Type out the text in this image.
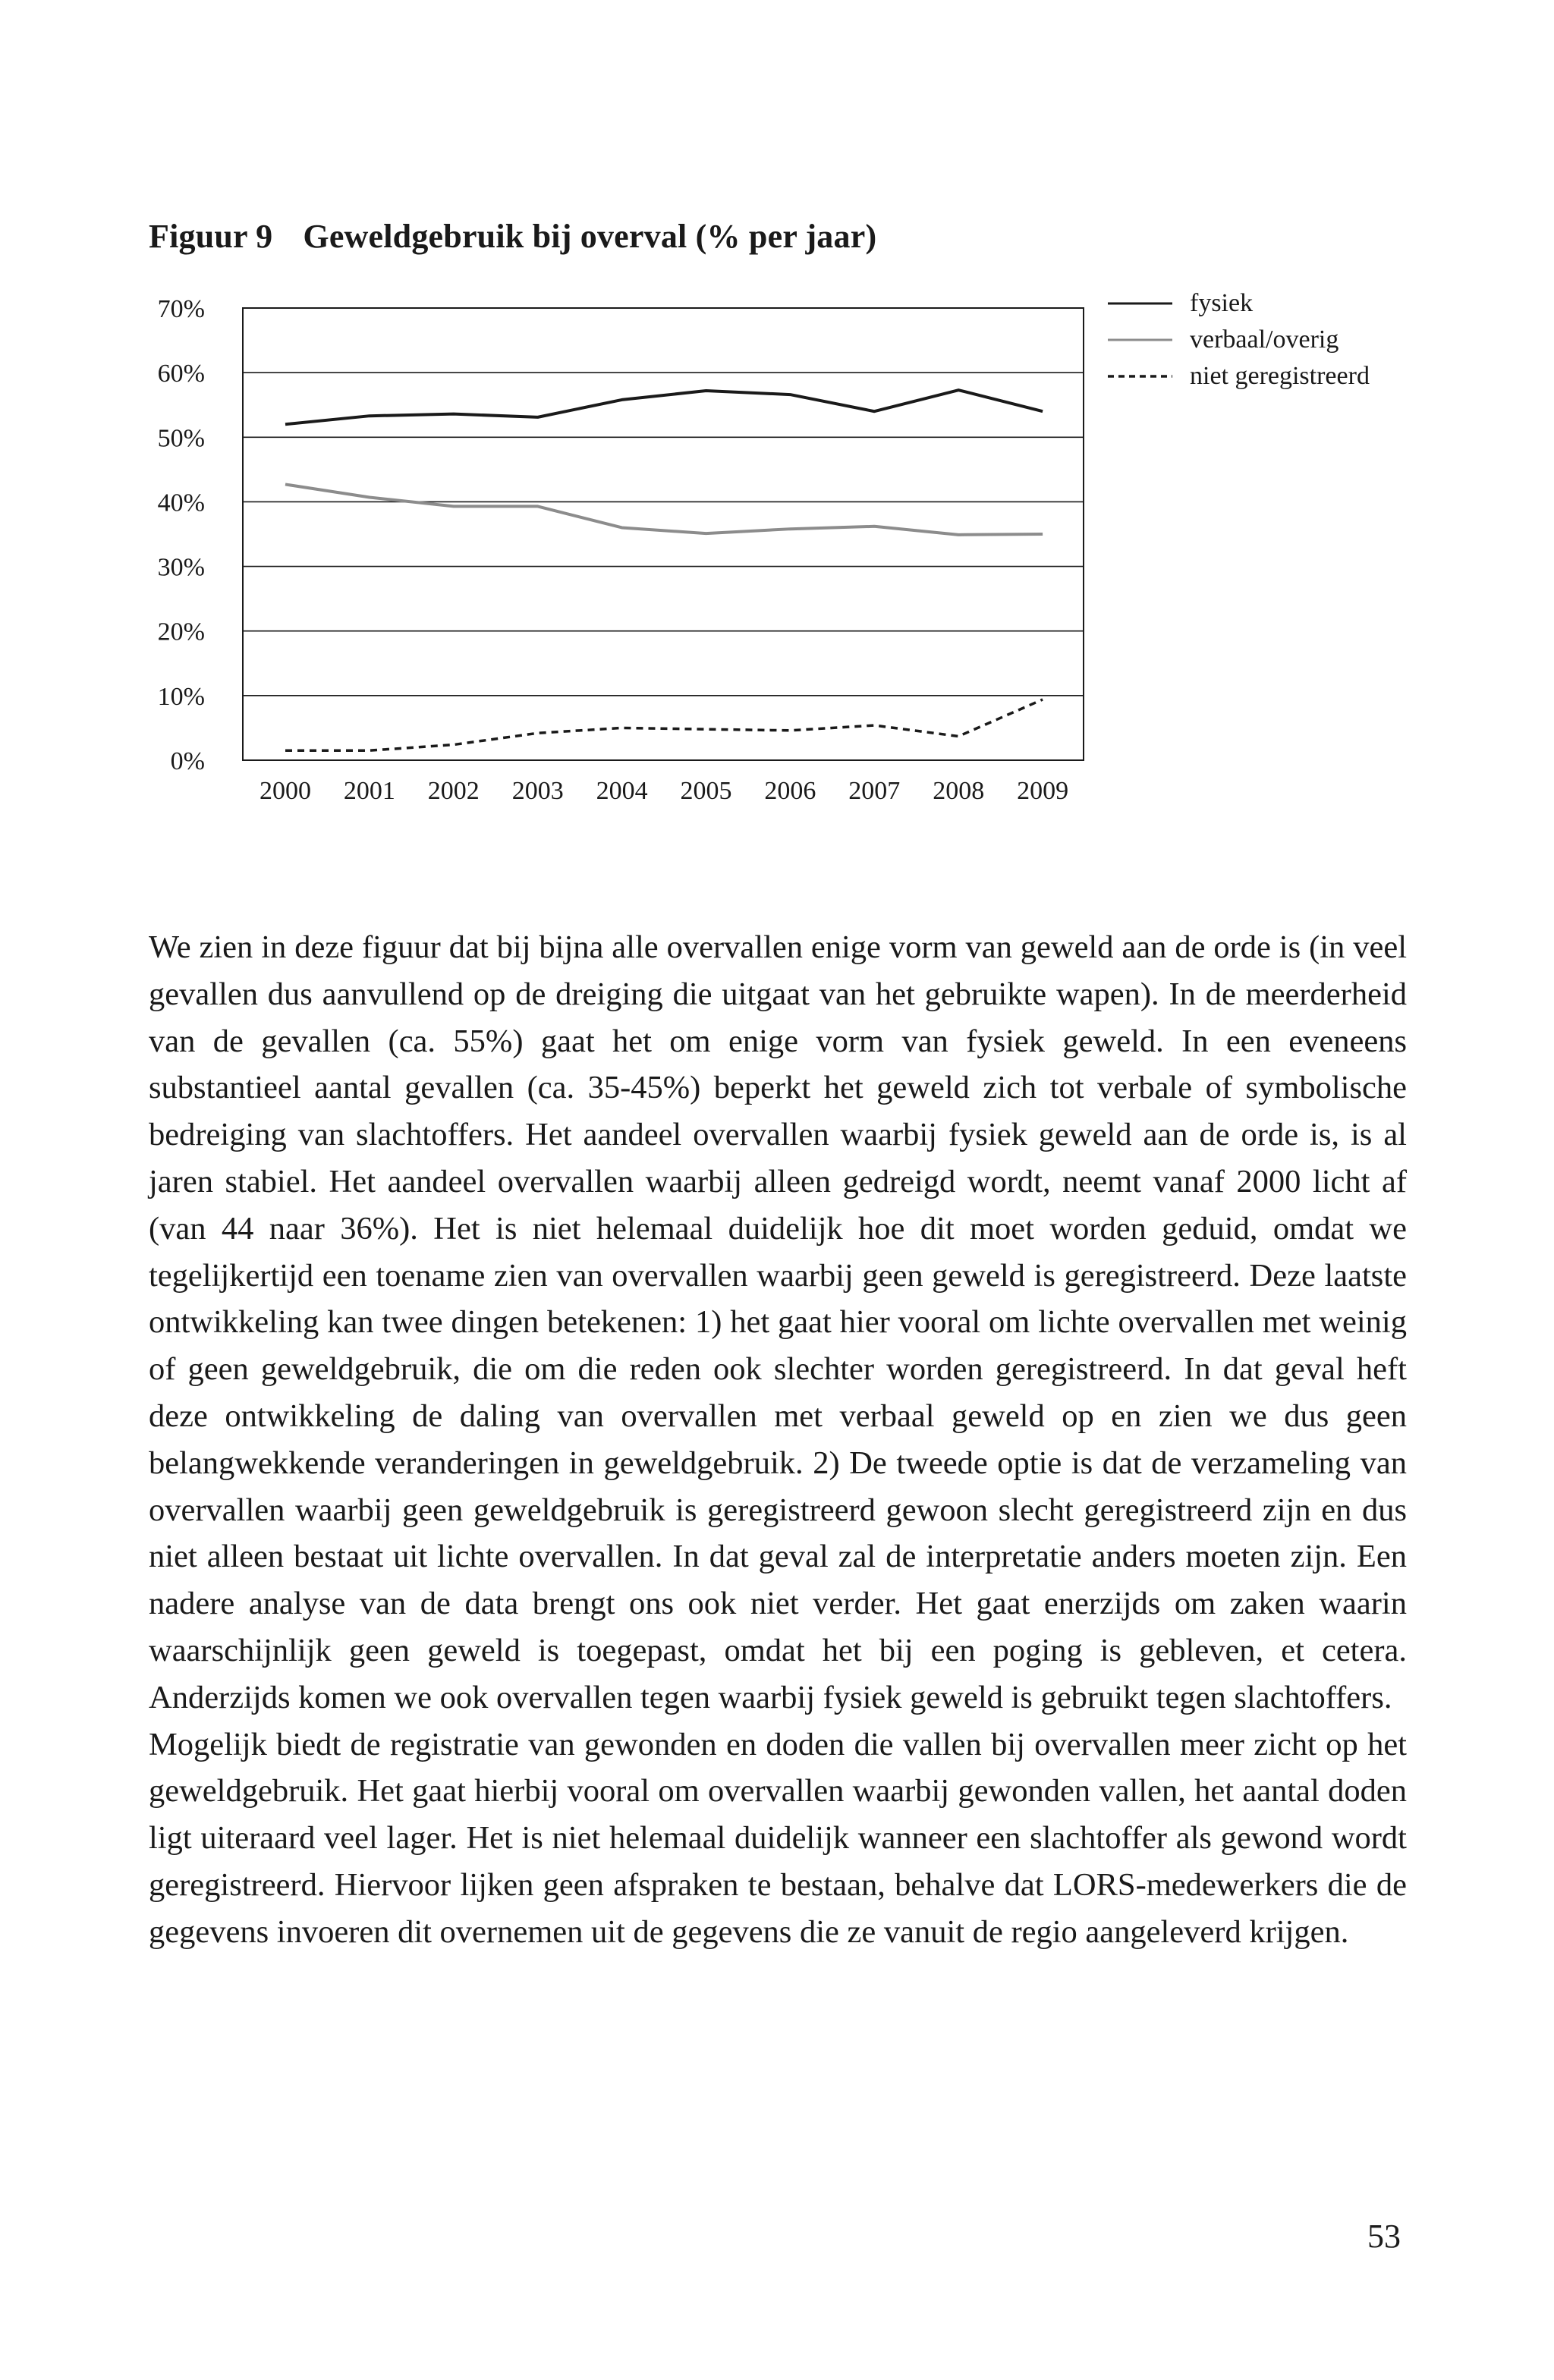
Figuur 9 Geweldgebruik bij overval (% per jaar)
0%
10%
20%
30%
40%
50%
60%
70%
2000 2001 2002 2003 2004 2005 2006 2007 2008 2009
fysiek
verbaal/overig
niet geregistreerd

We zien in deze figuur dat bij bijna alle overvallen enige vorm van geweld aan de orde is (in veel gevallen dus aanvullend op de dreiging die uitgaat van het gebruikte wapen). In de meerderheid van de gevallen (ca. 55%) gaat het om enige vorm van fysiek geweld. In een eveneens substantieel aantal gevallen (ca. 35-45%) beperkt het geweld zich tot verbale of symbolische bedreiging van slachtoffers. Het aandeel overvallen waarbij fysiek geweld aan de orde is, is al jaren stabiel. Het aandeel overvallen waarbij alleen gedreigd wordt, neemt vanaf 2000 licht af (van 44 naar 36%). Het is niet helemaal duidelijk hoe dit moet worden geduid, omdat we tegelijkertijd een toename zien van overvallen waarbij geen geweld is geregistreerd. Deze laatste ontwikkeling kan twee dingen betekenen: 1) het gaat hier vooral om lichte overvallen met weinig of geen geweldgebruik, die om die reden ook slechter worden geregistreerd. In dat geval heft deze ontwikkeling de daling van overvallen met verbaal geweld op en zien we dus geen belangwekkende veranderingen in geweldgebruik. 2) De tweede optie is dat de verzameling van overvallen waarbij geen geweldgebruik is geregistreerd gewoon slecht geregistreerd zijn en dus niet alleen bestaat uit lichte overvallen. In dat geval zal de interpretatie anders moeten zijn. Een nadere analyse van de data brengt ons ook niet verder. Het gaat enerzijds om zaken waarin waarschijnlijk geen geweld is toegepast, omdat het bij een poging is gebleven, et cetera. Anderzijds komen we ook overvallen tegen waarbij fysiek geweld is gebruikt tegen slachtoffers.

Mogelijk biedt de registratie van gewonden en doden die vallen bij overvallen meer zicht op het geweldgebruik. Het gaat hierbij vooral om overvallen waarbij gewonden vallen, het aantal doden ligt uiteraard veel lager. Het is niet helemaal duidelijk wanneer een slachtoffer als gewond wordt geregistreerd. Hiervoor lijken geen afspraken te bestaan, behalve dat LORS-medewerkers die de gegevens invoeren dit overnemen uit de gegevens die ze vanuit de regio aangeleverd krijgen.

53
